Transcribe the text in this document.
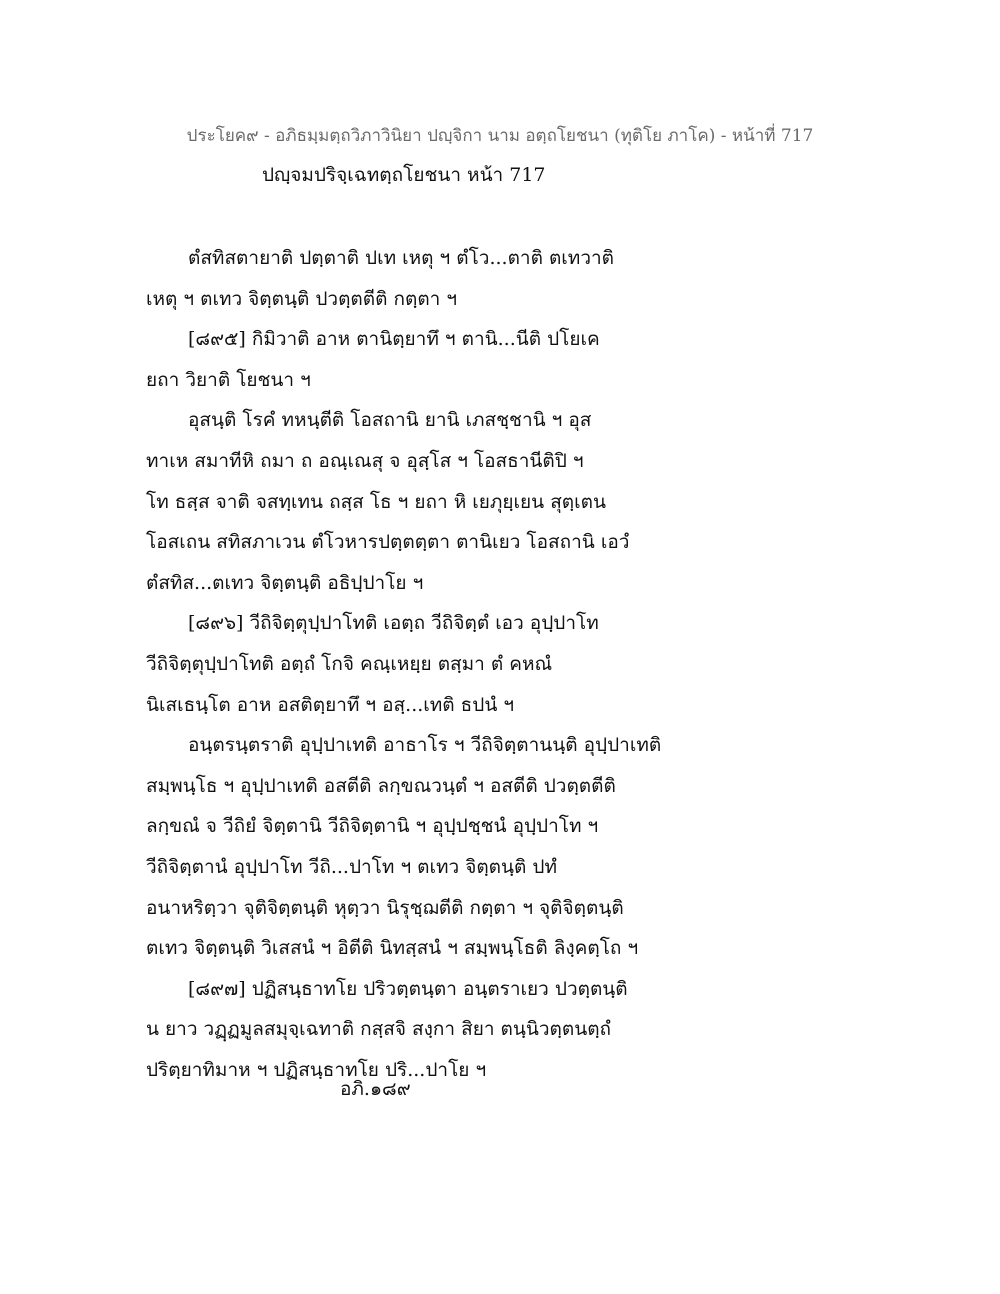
ประโยค๙ - อภิธมฺมตฺถวิภาวินิยา ปญฺจิกา นาม อตฺถโยชนา (ทุติโย ภาโค) - หน้าที่ 717
ปญฺจมปริจฺเฉทตฺถโยชนา หน้า 717
ตํสทิสตายาติ ปตฺตาติ ปเท เหตุ ฯ ตํโว...ตาติ ตเทวาติ
เหตุ ฯ ตเทว จิตฺตนฺติ ปวตฺตตีติ กตฺตา ฯ
[๘๙๕] กิมิวาติ อาห ตานิตฺยาทึ ฯ ตานิ...นีติ ปโยเค
ยถา วิยาติ โยชนา ฯ
อุสนฺติ โรคํ ทหนฺตีติ โอสถานิ ยานิ เภสชฺชานิ ฯ อุส
ทาเห สมาทีหิ ถมา ถ อณฺเณสุ จ อุสฺโส ฯ โอสธานีติปิ ฯ
โท ธสฺส จาติ จสทฺเทน ถสฺส โธ ฯ ยถา หิ เยภุยฺเยน สุตฺเตน
โอสเถน สทิสภาเวน ตํโวหารปตฺตตฺตา ตานิเยว โอสถานิ เอวํ
ตํสทิส...ตเทว จิตฺตนฺติ อธิปฺปาโย ฯ
[๘๙๖] วีถิจิตฺตุปฺปาโทติ เอตฺถ วีถิจิตฺตํ เอว อุปฺปาโท
วีถิจิตฺตุปฺปาโทติ อตฺถํ โกจิ คณฺเหยฺย ตสฺมา ตํ คหณํ
นิเสเธนฺโต อาห อสติตฺยาทึ ฯ อสฺ...เทติ ธปนํ ฯ
อนฺตรนฺตราติ อุปฺปาเทติ อาธาโร ฯ วีถิจิตฺตานนฺติ อุปฺปาเทติ
สมฺพนฺโธ ฯ อุปฺปาเทติ อสตีติ ลกฺขณวนฺตํ ฯ อสตีติ ปวตฺตตีติ
ลกฺขณํ จ วีถิยํ จิตฺตานิ วีถิจิตฺตานิ ฯ อุปฺปชฺชนํ อุปฺปาโท ฯ
วีถิจิตฺตานํ อุปฺปาโท วีถิ...ปาโท ฯ ตเทว จิตฺตนฺติ ปทํ
อนาหริตฺวา จุติจิตฺตนฺติ หุตฺวา นิรุชฺฌตีติ กตฺตา ฯ จุติจิตฺตนฺติ
ตเทว จิตฺตนฺติ วิเสสนํ ฯ อิตีติ นิทสฺสนํ ฯ สมฺพนฺโธติ ลิงฺคตฺโถ ฯ
[๘๙๗] ปฏิสนฺธาทโย ปริวตฺตนฺตา อนฺตราเยว ปวตฺตนฺติ
น ยาว วฏฺฏมูลสมุจฺเฉทาติ กสฺสจิ สงฺกา สิยา ตนฺนิวตฺตนตฺถํ
ปริตฺยาทิมาห ฯ ปฏิสนฺธาทโย ปริ...ปาโย ฯ
อภิ.๑๘๙
